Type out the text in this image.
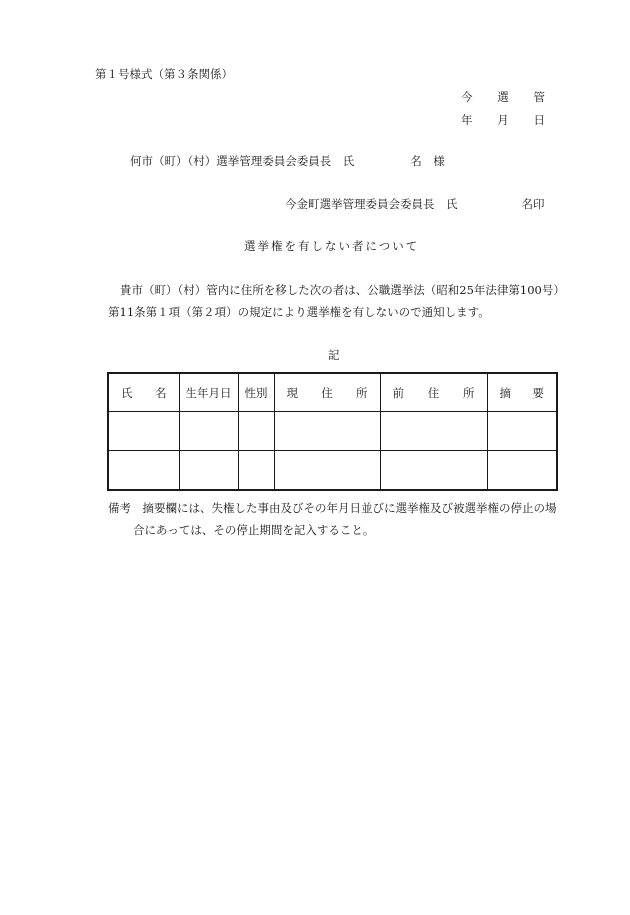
第１号様式（第３条関係）
今 選 管
年 月 日
何市（町）（村）選挙管理委員会委員長　氏	名　様
今金町選挙管理委員会委員長　氏	名印
選挙権を有しない者について
貴市（町）（村）管内に住所を移した次の者は、公職選挙法（昭和25年法律第100号）
第11条第１項（第２項）の規定により選挙権を有しないので通知します。
記
氏 名	生年月日	性別	現 住 所	前 住 所	摘 要

備考　摘要欄には、失権した事由及びその年月日並びに選挙権及び被選挙権の停止の場
合にあっては、その停止期間を記入すること。
